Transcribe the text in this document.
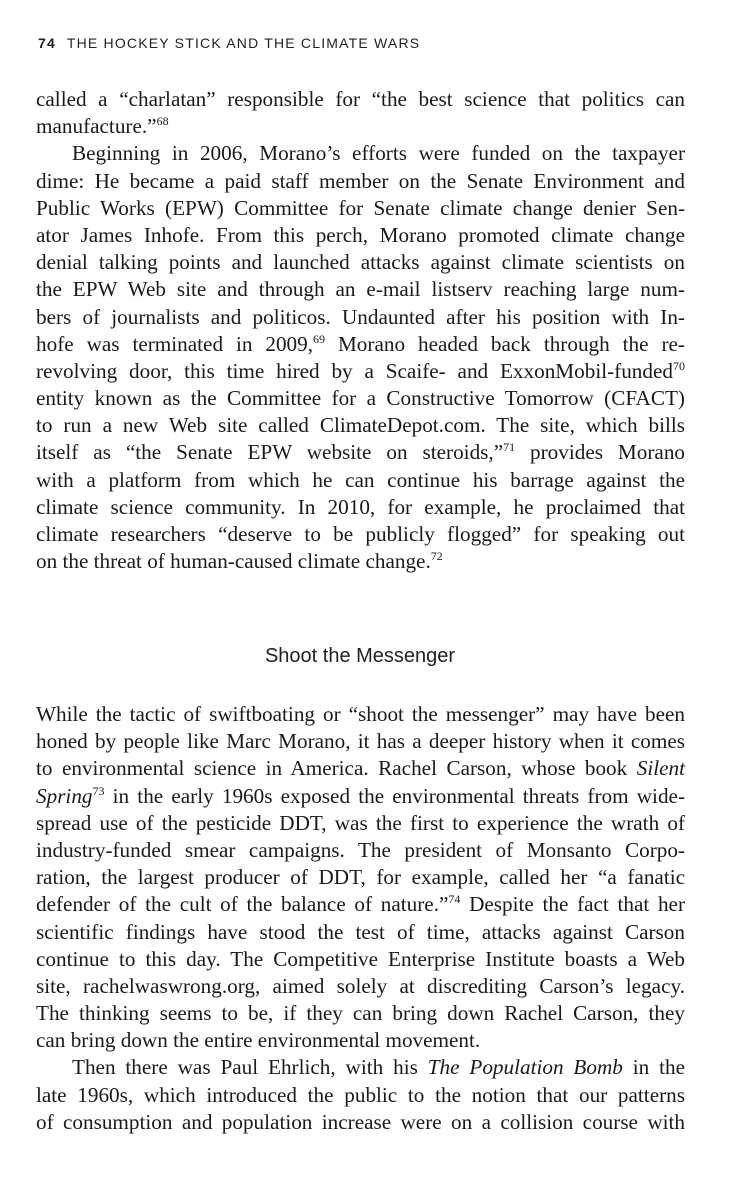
74 THE HOCKEY STICK AND THE CLIMATE WARS
called a “charlatan” responsible for “the best science that politics can
manufacture.”$^{68}$
Beginning in 2006, Morano’s efforts were funded on the taxpayer
dime: He became a paid staff member on the Senate Environment and
Public Works (EPW) Committee for Senate climate change denier Sen-
ator James Inhofe. From this perch, Morano promoted climate change
denial talking points and launched attacks against climate scientists on
the EPW Web site and through an e-mail listserv reaching large num-
bers of journalists and politicos. Undaunted after his position with In-
hofe was terminated in 2009,69 Morano headed back through the re-
revolving door, this time hired by a Scaife- and ExxonMobil-funded$^{70}$
entity known as the Committee for a Constructive Tomorrow (CFACT)
to run a new Web site called ClimateDepot.com. The site, which bills
itself as “the Senate EPW website on steroids,”$^{71}$ provides Morano
with a platform from which he can continue his barrage against the
climate science community. In 2010, for example, he proclaimed that
climate researchers “deserve to be publicly flogged” for speaking out
on the threat of human-caused climate change.$^{72}$
Shoot the Messenger
While the tactic of swiftboating or “shoot the messenger” may have been
honed by people like Marc Morano, it has a deeper history when it comes
to environmental science in America. Rachel Carson, whose book Silent
Spring$^{73}$ in the early 1960s exposed the environmental threats from wide-
spread use of the pesticide DDT, was the first to experience the wrath of
industry-funded smear campaigns. The president of Monsanto Corpo-
ration, the largest producer of DDT, for example, called her “a fanatic
defender of the cult of the balance of nature.”$^{74}$ Despite the fact that her
scientific findings have stood the test of time, attacks against Carson
continue to this day. The Competitive Enterprise Institute boasts a Web
site, rachelwaswrong.org, aimed solely at discrediting Carson’s legacy.
The thinking seems to be, if they can bring down Rachel Carson, they
can bring down the entire environmental movement.
Then there was Paul Ehrlich, with his The Population Bomb in the
late 1960s, which introduced the public to the notion that our patterns
of consumption and population increase were on a collision course with
